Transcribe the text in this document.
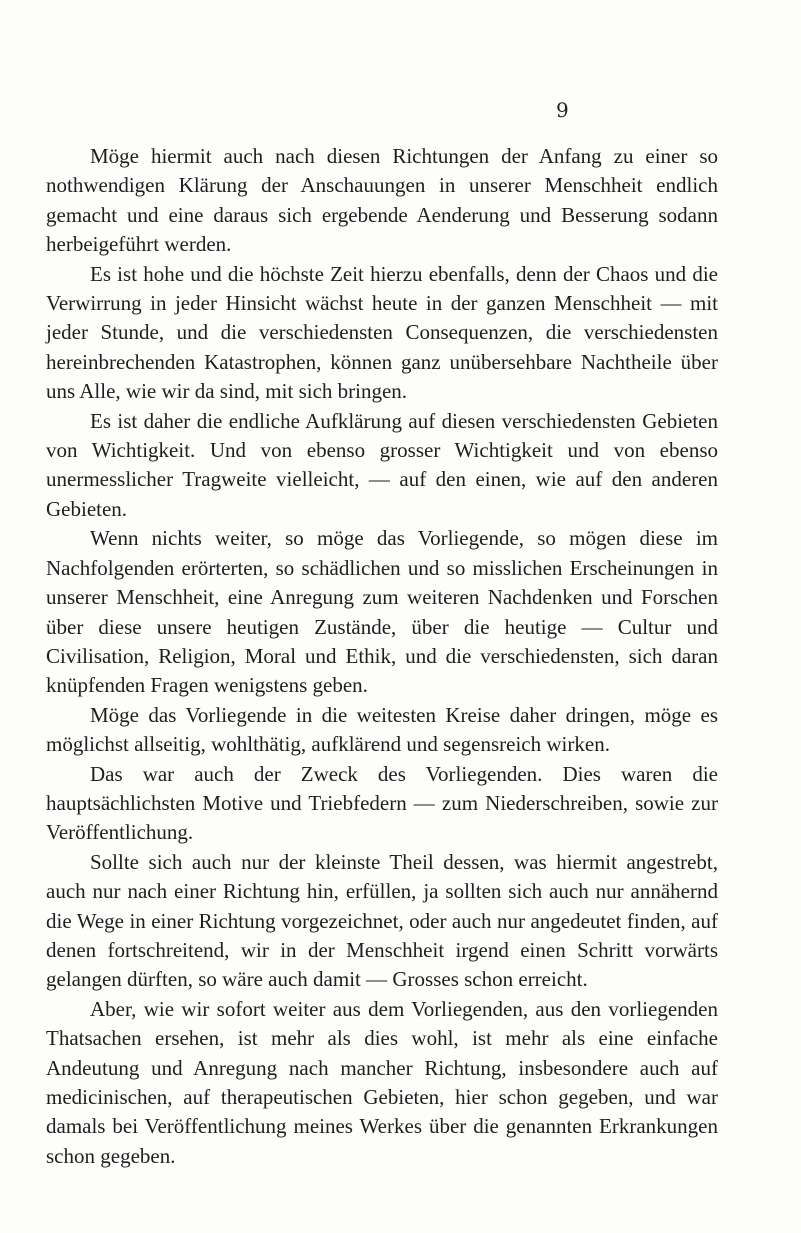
9

Möge hiermit auch nach diesen Richtungen der Anfang zu einer so nothwendigen Klärung der Anschauungen in unserer Menschheit endlich gemacht und eine daraus sich ergebende Aenderung und Besserung sodann herbeigeführt werden.

Es ist hohe und die höchste Zeit hierzu ebenfalls, denn der Chaos und die Verwirrung in jeder Hinsicht wächst heute in der ganzen Menschheit — mit jeder Stunde, und die verschiedensten Consequenzen, die verschiedensten hereinbrechenden Katastrophen, können ganz unübersehbare Nachtheile über uns Alle, wie wir da sind, mit sich bringen.

Es ist daher die endliche Aufklärung auf diesen verschiedensten Gebieten von Wichtigkeit. Und von ebenso grosser Wichtigkeit und von ebenso unermesslicher Tragweite vielleicht, — auf den einen, wie auf den anderen Gebieten.

Wenn nichts weiter, so möge das Vorliegende, so mögen diese im Nachfolgenden erörterten, so schädlichen und so misslichen Erscheinungen in unserer Menschheit, eine Anregung zum weiteren Nachdenken und Forschen über diese unsere heutigen Zustände, über die heutige — Cultur und Civilisation, Religion, Moral und Ethik, und die verschiedensten, sich daran knüpfenden Fragen wenigstens geben.

Möge das Vorliegende in die weitesten Kreise daher dringen, möge es möglichst allseitig, wohlthätig, aufklärend und segensreich wirken.

Das war auch der Zweck des Vorliegenden. Dies waren die hauptsächlichsten Motive und Triebfedern — zum Niederschreiben, sowie zur Veröffentlichung.

Sollte sich auch nur der kleinste Theil dessen, was hiermit angestrebt, auch nur nach einer Richtung hin, erfüllen, ja sollten sich auch nur annähernd die Wege in einer Richtung vorgezeichnet, oder auch nur angedeutet finden, auf denen fortschreitend, wir in der Menschheit irgend einen Schritt vorwärts gelangen dürften, so wäre auch damit — Grosses schon erreicht.

Aber, wie wir sofort weiter aus dem Vorliegenden, aus den vorliegenden Thatsachen ersehen, ist mehr als dies wohl, ist mehr als eine einfache Andeutung und Anregung nach mancher Richtung, insbesondere auch auf medicinischen, auf therapeutischen Gebieten, hier schon gegeben, und war damals bei Veröffentlichung meines Werkes über die genannten Erkrankungen schon gegeben.
